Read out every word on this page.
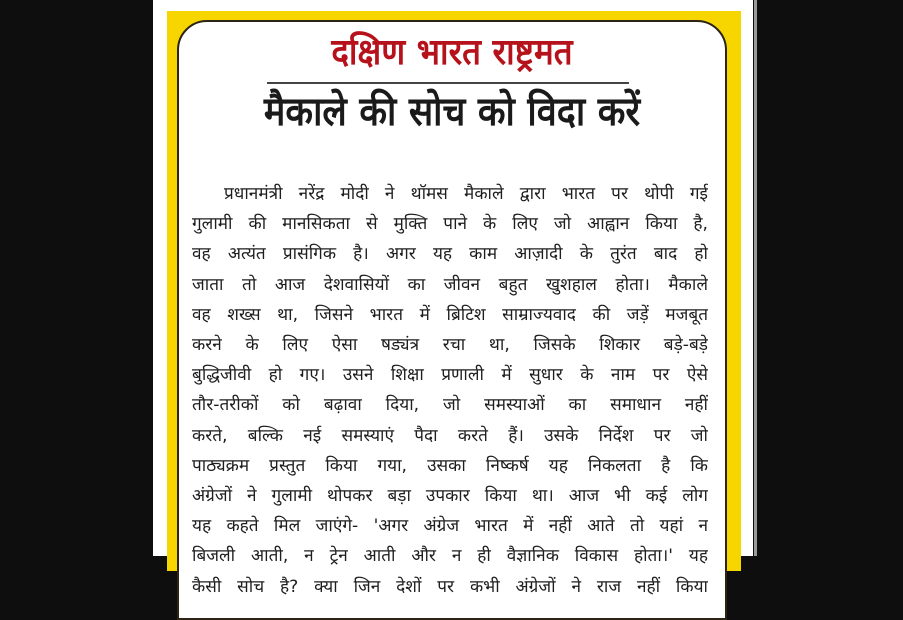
दक्षिण भारत राष्ट्रमत
मैकाले की सोच को विदा करें
प्रधानमंत्री नरेंद्र मोदी ने थॉमस मैकाले द्वारा भारत पर थोपी गई
गुलामी की मानसिकता से मुक्ति पाने के लिए जो आह्वान किया है,
वह अत्यंत प्रासंगिक है। अगर यह काम आज़ादी के तुरंत बाद हो
जाता तो आज देशवासियों का जीवन बहुत खुशहाल होता। मैकाले
वह शख्स था, जिसने भारत में ब्रिटिश साम्राज्यवाद की जड़ें मजबूत
करने के लिए ऐसा षड्यंत्र रचा था, जिसके शिकार बड़े-बड़े
बुद्धिजीवी हो गए। उसने शिक्षा प्रणाली में सुधार के नाम पर ऐसे
तौर-तरीकों को बढ़ावा दिया, जो समस्याओं का समाधान नहीं
करते, बल्कि नई समस्याएं पैदा करते हैं। उसके निर्देश पर जो
पाठ्यक्रम प्रस्तुत किया गया, उसका निष्कर्ष यह निकलता है कि
अंग्रेजों ने गुलामी थोपकर बड़ा उपकार किया था। आज भी कई लोग
यह कहते मिल जाएंगे- 'अगर अंग्रेज भारत में नहीं आते तो यहां न
बिजली आती, न ट्रेन आती और न ही वैज्ञानिक विकास होता।' यह
कैसी सोच है? क्या जिन देशों पर कभी अंग्रेजों ने राज नहीं किया
